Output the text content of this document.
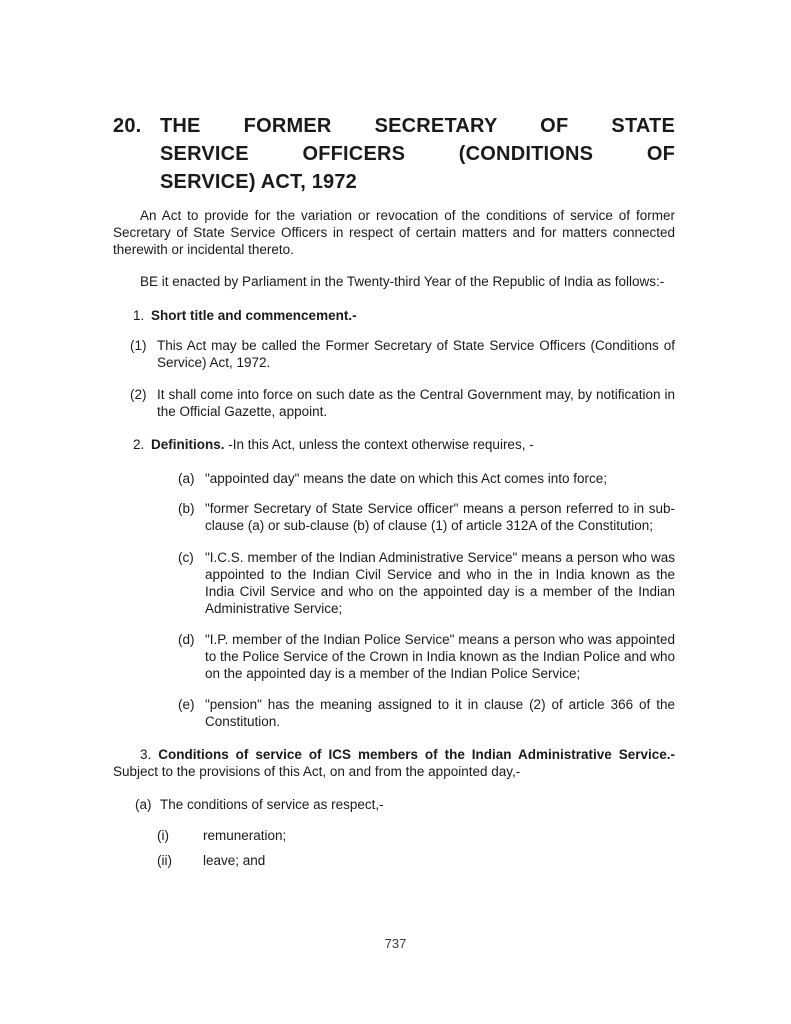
20. THE FORMER SECRETARY OF STATE
SERVICE OFFICERS (CONDITIONS OF
SERVICE) ACT, 1972

An Act to provide for the variation or revocation of the conditions of service of former Secretary of State Service Officers in respect of certain matters and for matters connected therewith or incidental thereto.

BE it enacted by Parliament in the Twenty-third Year of the Republic of India as follows:-

1. Short title and commencement.-

(1) This Act may be called the Former Secretary of State Service Officers (Conditions of Service) Act, 1972.
(2) It shall come into force on such date as the Central Government may, by notification in the Official Gazette, appoint.

2. Definitions. -In this Act, unless the context otherwise requires, -

(a) "appointed day" means the date on which this Act comes into force;
(b) "former Secretary of State Service officer" means a person referred to in sub-clause (a) or sub-clause (b) of clause (1) of article 312A of the Constitution;
(c) "I.C.S. member of the Indian Administrative Service" means a person who was appointed to the Indian Civil Service and who in the in India known as the India Civil Service and who on the appointed day is a member of the Indian Administrative Service;
(d) "I.P. member of the Indian Police Service" means a person who was appointed to the Police Service of the Crown in India known as the Indian Police and who on the appointed day is a member of the Indian Police Service;
(e) "pension" has the meaning assigned to it in clause (2) of article 366 of the Constitution.

3. Conditions of service of ICS members of the Indian Administrative Service.- Subject to the provisions of this Act, on and from the appointed day,-

(a) The conditions of service as respect,-
(i)	remuneration;
(ii)	leave; and
737
